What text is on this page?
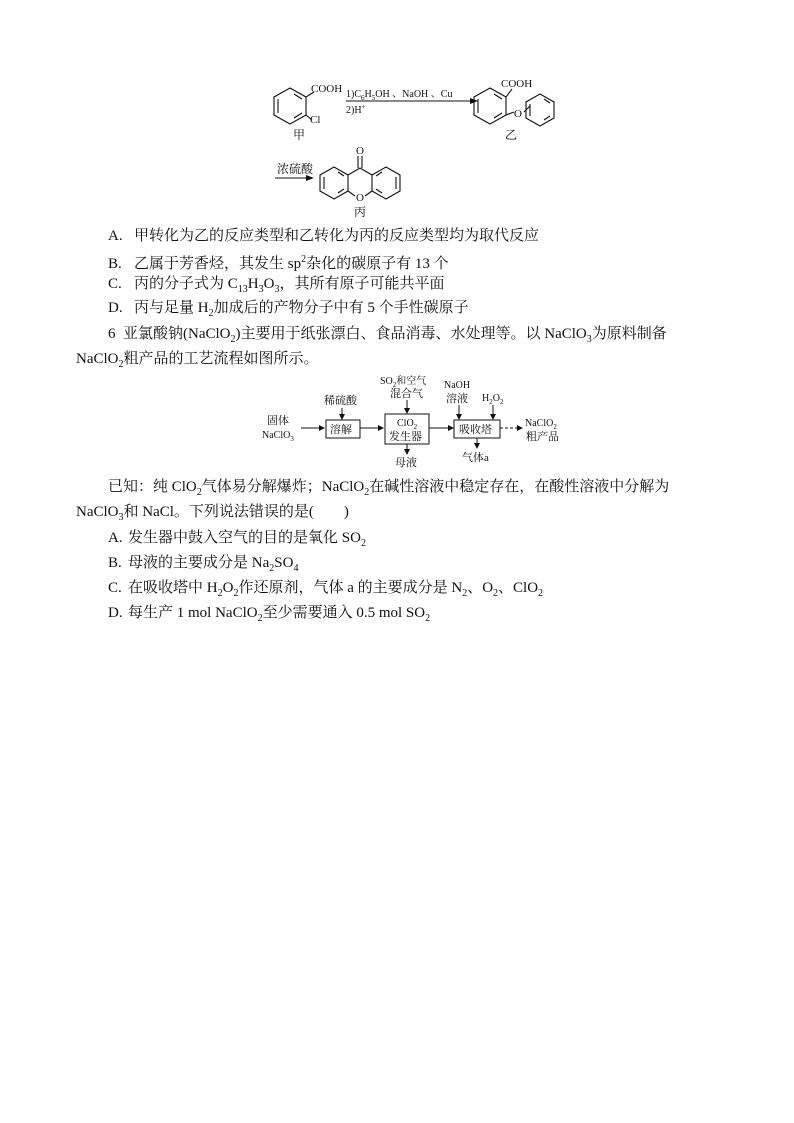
COOH
Cl
甲
$1)C_6H_5OH$ 、NaOH 、Cu
2)H+
COOH
O
乙
浓硫酸
O
O
丙
A. 甲转化为乙的反应类型和乙转化为丙的反应类型均为取代反应
B. 乙属于芳香烃，其发生 $sp^2$杂化的碳原子有 13 个
C. 丙的分子式为 $C_{13}H_3O_3$，其所有原子可能共平面
D. 丙与足量 $H_2$加成后的产物分子中有 5 个手性碳原子
6 亚氯酸钠(NaClO$_2$)主要用于纸张漂白、食品消毒、水处理等。以 NaClO$_3$为原料制备
NaClO$_2$粗产品的工艺流程如图所示。
固体
NaClO$_3$
稀硫酸
溶解
$SO_2$和空气
混合气
ClO$_2$
发生器
母液
NaOH
溶液 $H_2O_2$
吸收塔
气体a
NaClO$_2$
粗产品
已知：纯 ClO$_2$气体易分解爆炸；NaClO$_2$在碱性溶液中稳定存在，在酸性溶液中分解为
NaClO$_3$和 NaCl。下列说法错误的是( )
A. 发生器中鼓入空气的目的是氧化 $SO_2$
B. 母液的主要成分是 $Na_2SO_4$
C. 在吸收塔中 $H_2O_2$作还原剂，气体 a 的主要成分是 $N_2$、$O_2$、ClO$_2$
D. 每生产 1 mol NaClO$_2$至少需要通入 0.5 mol $SO_2$
